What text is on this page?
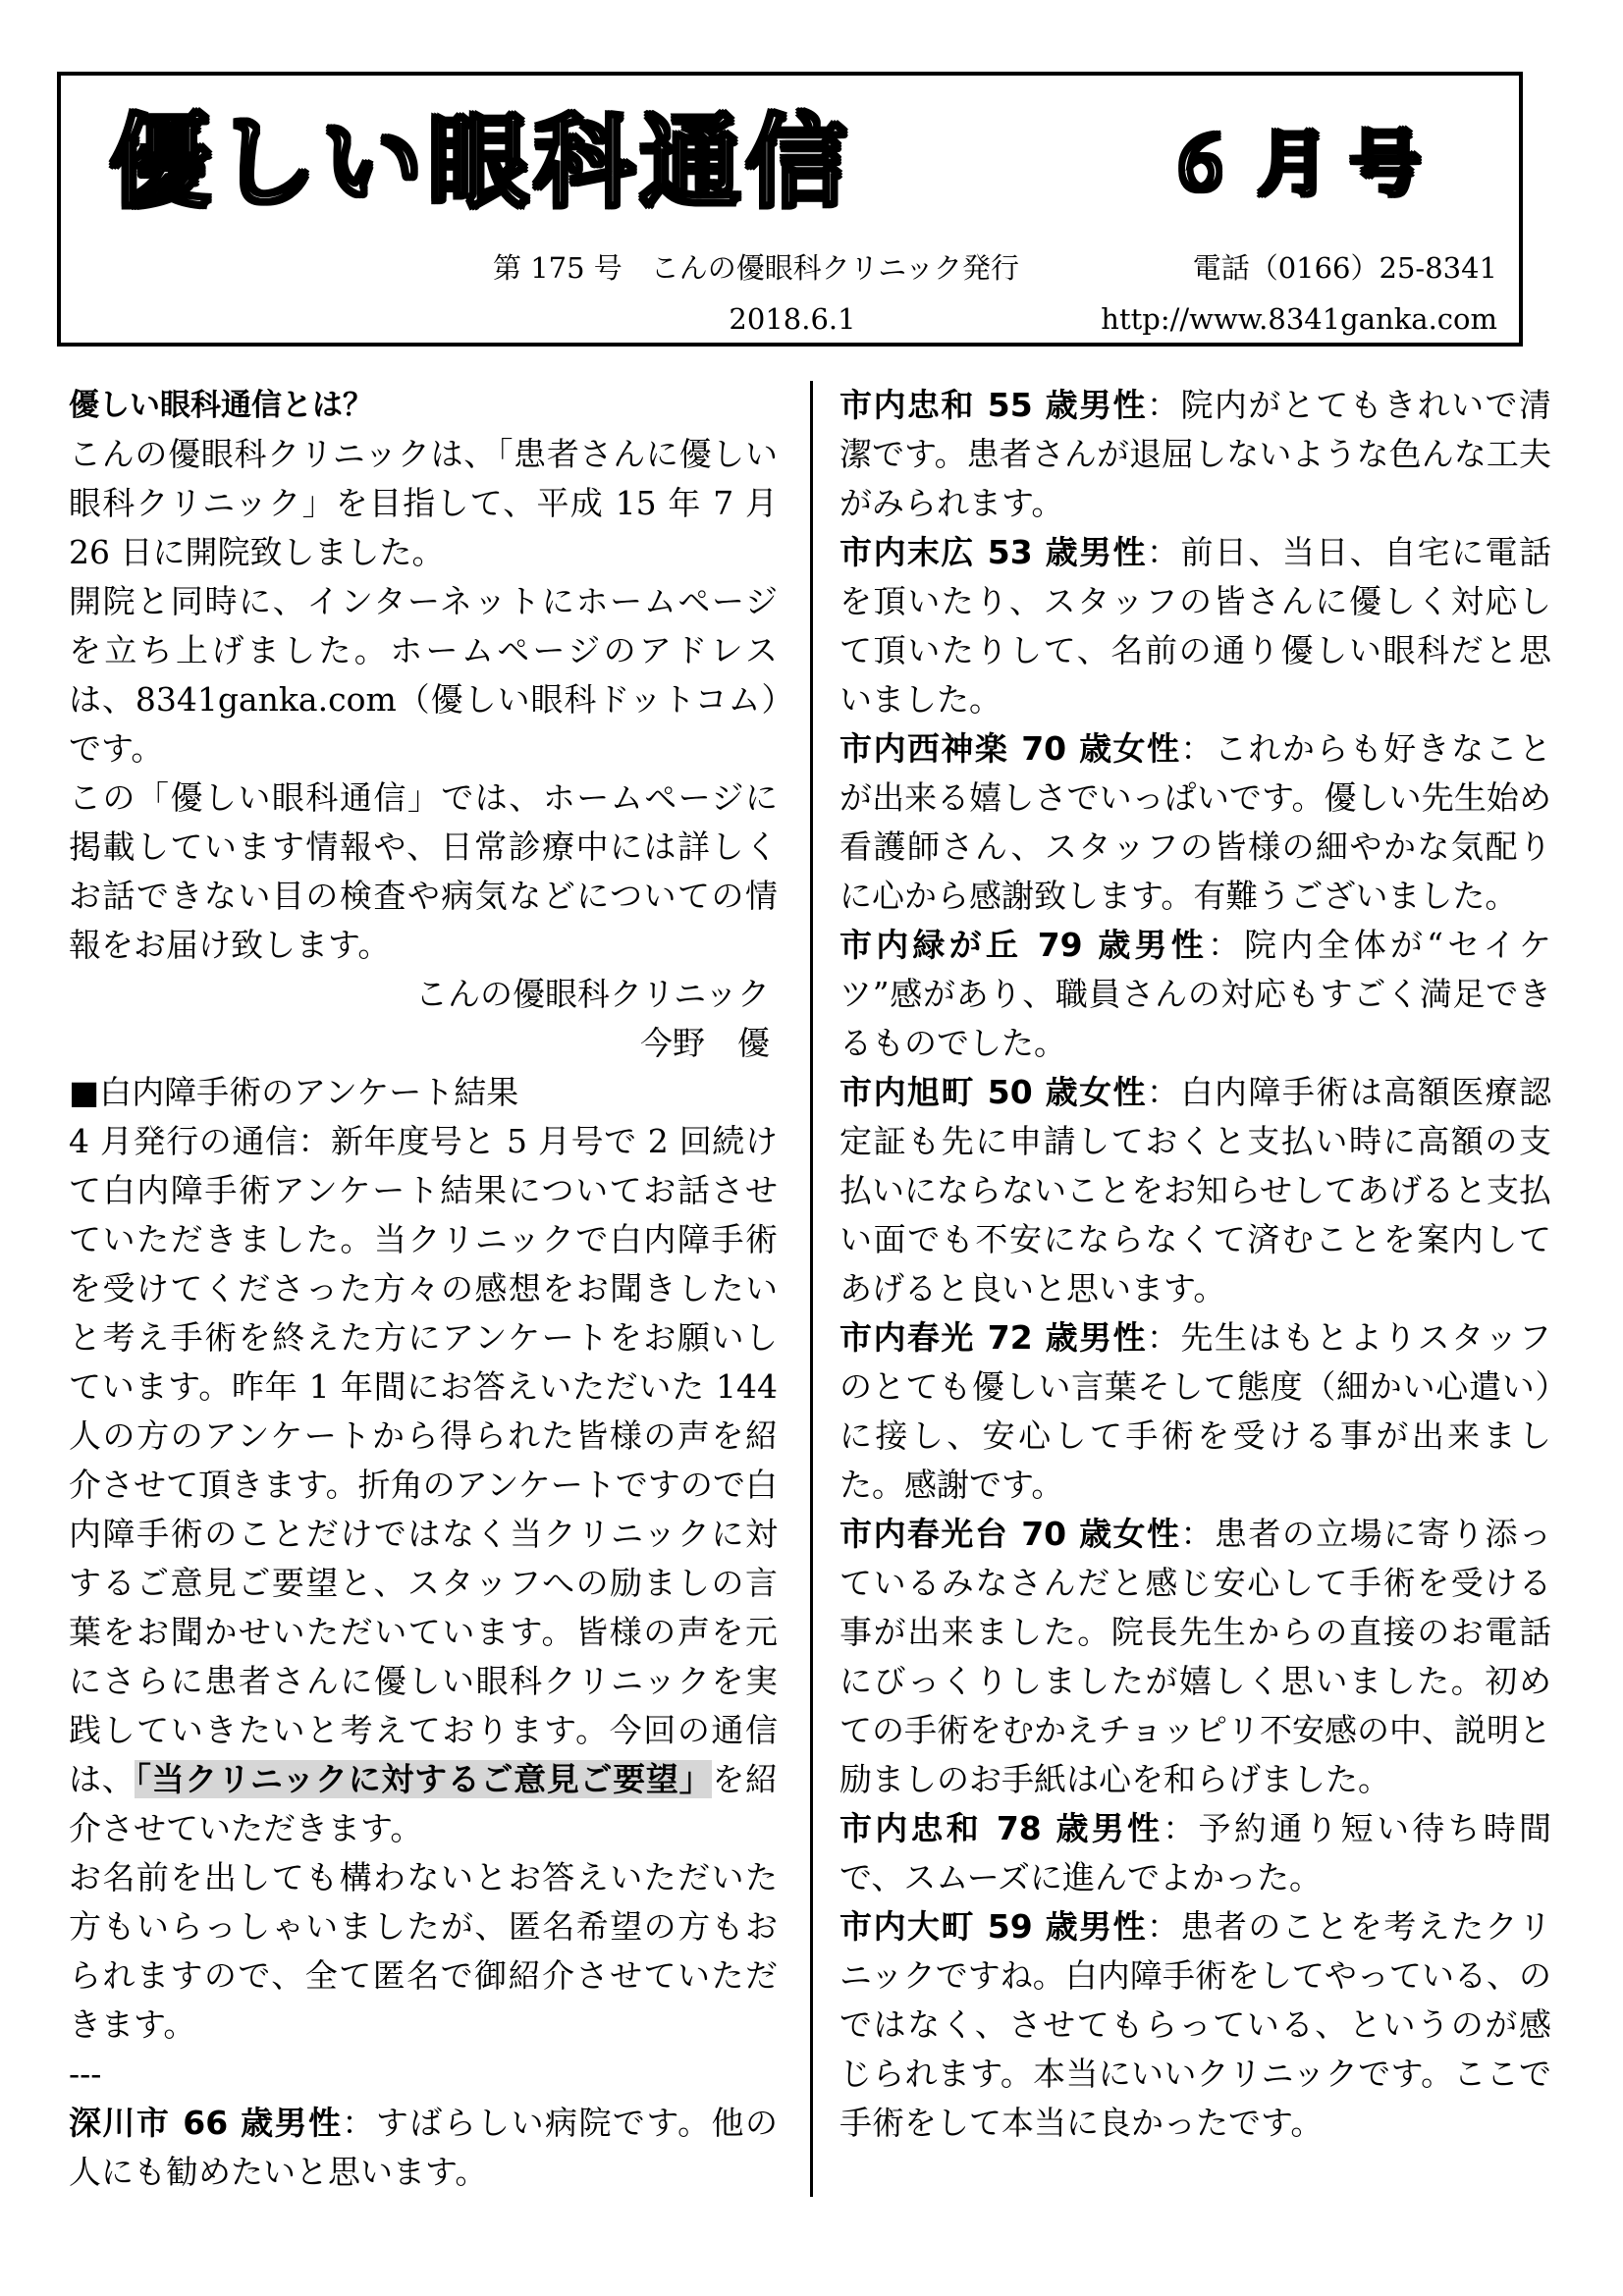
優しい眼科通信	６月号
第 175 号　こんの優眼科クリニック発行	電話（0166）25-8341
2018.6.1	http://www.8341ganka.com

優しい眼科通信とは？

こんの優眼科クリニックは、「患者さんに優しい眼科クリニック」を目指して、平成 15 年 7 月 26 日に開院致しました。

開院と同時に、インターネットにホームページを立ち上げました。ホームページのアドレスは、8341ganka.com（優しい眼科ドットコム）です。

この「優しい眼科通信」では、ホームページに掲載しています情報や、日常診療中には詳しくお話できない目の検査や病気などについての情報をお届け致します。

こんの優眼科クリニック

今野　優

■白内障手術のアンケート結果

4 月発行の通信：新年度号と 5 月号で 2 回続けて白内障手術アンケート結果についてお話させていただきました。当クリニックで白内障手術を受けてくださった方々の感想をお聞きしたいと考え手術を終えた方にアンケートをお願いしています。昨年 1 年間にお答えいただいた 144 人の方のアンケートから得られた皆様の声を紹介させて頂きます。折角のアンケートですので白内障手術のことだけではなく当クリニックに対するご意見ご要望と、スタッフへの励ましの言葉をお聞かせいただいています。皆様の声を元にさらに患者さんに優しい眼科クリニックを実践していきたいと考えております。今回の通信は、「当クリニックに対するご意見ご要望」を紹介させていただきます。

お名前を出しても構わないとお答えいただいた方もいらっしゃいましたが、匿名希望の方もおられますので、全て匿名で御紹介させていただきます。

---

深川市 66 歳男性：すばらしい病院です。他の人にも勧めたいと思います。

市内忠和 55 歳男性：院内がとてもきれいで清潔です。患者さんが退屈しないような色んな工夫がみられます。

市内末広 53 歳男性：前日、当日、自宅に電話を頂いたり、スタッフの皆さんに優しく対応して頂いたりして、名前の通り優しい眼科だと思いました。

市内西神楽 70 歳女性：これからも好きなことが出来る嬉しさでいっぱいです。優しい先生始め看護師さん、スタッフの皆様の細やかな気配りに心から感謝致します。有難うございました。

市内緑が丘 79 歳男性：院内全体が“セイケツ”感があり、職員さんの対応もすごく満足できるものでした。

市内旭町 50 歳女性：白内障手術は高額医療認定証も先に申請しておくと支払い時に高額の支払いにならないことをお知らせしてあげると支払い面でも不安にならなくて済むことを案内してあげると良いと思います。

市内春光 72 歳男性：先生はもとよりスタッフのとても優しい言葉そして態度（細かい心遣い）に接し、安心して手術を受ける事が出来ました。感謝です。

市内春光台 70 歳女性：患者の立場に寄り添っているみなさんだと感じ安心して手術を受ける事が出来ました。院長先生からの直接のお電話にびっくりしましたが嬉しく思いました。初めての手術をむかえチョッピリ不安感の中、説明と励ましのお手紙は心を和らげました。

市内忠和 78 歳男性：予約通り短い待ち時間で、スムーズに進んでよかった。

市内大町 59 歳男性：患者のことを考えたクリニックですね。白内障手術をしてやっている、のではなく、させてもらっている、というのが感じられます。本当にいいクリニックです。ここで手術をして本当に良かったです。
